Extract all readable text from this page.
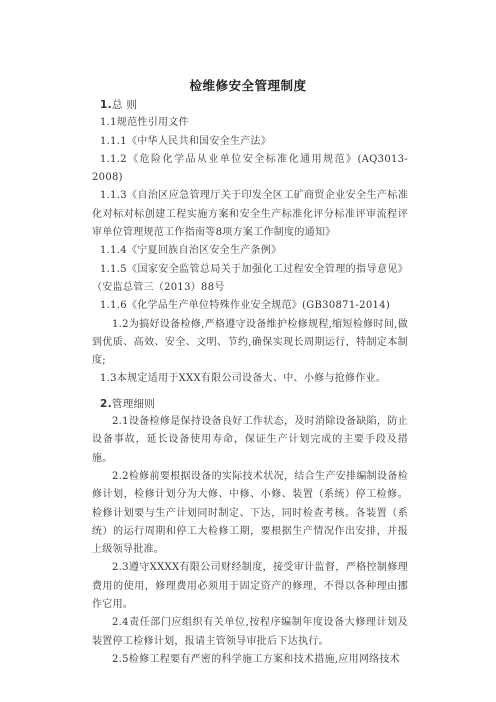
检维修安全管理制度

1.总 则

1.1规范性引用文件

1.1.1《中华人民共和国安全生产法》

1.1.2《危险化学品从业单位安全标准化通用规范》(AQ3013-2008)

1.1.3《自治区应急管理厅关于印发全区工矿商贸企业安全生产标准化对标对标创建工程实施方案和安全生产标准化评分标准评审流程评审单位管理规范工作指南等8项方案工作制度的通知》

1.1.4《宁夏回族自治区安全生产条例》

1.1.5《国家安全监管总局关于加强化工过程安全管理的指导意见》（安监总管三（2013）88号

1.1.6《化学品生产单位特殊作业安全规范》(GB30871-2014)

1.2为搞好设备检修,严格遵守设备维护检修规程,缩短检修时间,做到优质、高效、安全、文明、节约,确保实现长周期运行，特制定本制度;

1.3本规定适用于XXX有限公司设备大、中、小修与抢修作业。

2.管理细则

2.1设备检修是保持设备良好工作状态，及时消除设备缺陷，防止设备事故，延长设备使用寿命，保证生产计划完成的主要手段及措施。

2.2检修前要根据设备的实际技术状况，结合生产安排编制设备检修计划，检修计划分为大修、中修、小修、装置（系统）停工检修。检修计划要与生产计划同时制定、下达，同时检查考核。各装置（系统）的运行周期和停工大检修工期，要根据生产情况作出安排，并报上级领导批准。

2.3遵守XXXX有限公司财经制度，接受审计监督，严格控制修理费用的使用，修理费用必须用于固定资产的修理，不得以各种理由挪作它用。

2.4责任部门应组织有关单位,按程序编制年度设备大修理计划及装置停工检修计划，报请主管领导审批后下达执行。

2.5检修工程要有严密的科学施工方案和技术措施,应用网络技术
